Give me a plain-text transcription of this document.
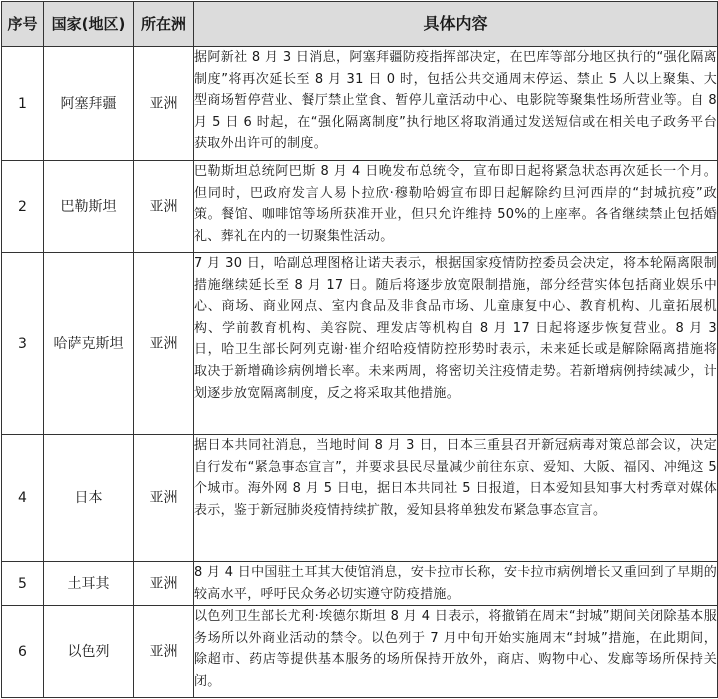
序号	国家(地区)	所在洲	具体内容
1	阿塞拜疆	亚洲	据阿新社 8 月 3 日消息，阿塞拜疆防疫指挥部决定，在巴库等部分地区执行的“强化隔离制度”将再次延长至 8 月 31 日 0 时，包括公共交通周末停运、禁止 5 人以上聚集、大型商场暂停营业、餐厅禁止堂食、暂停儿童活动中心、电影院等聚集性场所营业等。自 8 月 5 日 6 时起，在“强化隔离制度”执行地区将取消通过发送短信或在相关电子政务平台获取外出许可的制度。
2	巴勒斯坦	亚洲	巴勒斯坦总统阿巴斯 8 月 4 日晚发布总统令，宣布即日起将紧急状态再次延长一个月。但同时，巴政府发言人易卜拉欣·穆勒哈姆宣布即日起解除约旦河西岸的“封城抗疫”政策。餐馆、咖啡馆等场所获准开业，但只允许维持 50%的上座率。各省继续禁止包括婚礼、葬礼在内的一切聚集性活动。
3	哈萨克斯坦	亚洲	7 月 30 日，哈副总理图格让诺夫表示，根据国家疫情防控委员会决定，将本轮隔离限制措施继续延长至 8 月 17 日。随后将逐步放宽限制措施，部分经营实体包括商业娱乐中心、商场、商业网点、室内食品及非食品市场、儿童康复中心、教育机构、儿童拓展机构、学前教育机构、美容院、理发店等机构自 8 月 17 日起将逐步恢复营业。8 月 3 日，哈卫生部长阿列克谢·崔介绍哈疫情防控形势时表示，未来延长或是解除隔离措施将取决于新增确诊病例增长率。未来两周，将密切关注疫情走势。若新增病例持续减少，计划逐步放宽隔离制度，反之将采取其他措施。
4	日本	亚洲	据日本共同社消息，当地时间 8 月 3 日，日本三重县召开新冠病毒对策总部会议，决定自行发布“紧急事态宣言”，并要求县民尽量减少前往东京、爱知、大阪、福冈、冲绳这 5 个城市。海外网 8 月 5 日电，据日本共同社 5 日报道，日本爱知县知事大村秀章对媒体表示，鉴于新冠肺炎疫情持续扩散，爱知县将单独发布紧急事态宣言。
5	土耳其	亚洲	8 月 4 日中国驻土耳其大使馆消息，安卡拉市长称，安卡拉市病例增长又重回到了早期的较高水平，呼吁民众务必切实遵守防疫措施。
6	以色列	亚洲	以色列卫生部长尤利·埃德尔斯坦 8 月 4 日表示，将撤销在周末“封城”期间关闭除基本服务场所以外商业活动的禁令。以色列于 7 月中旬开始实施周末“封城”措施，在此期间，除超市、药店等提供基本服务的场所保持开放外，商店、购物中心、发廊等场所保持关闭。
